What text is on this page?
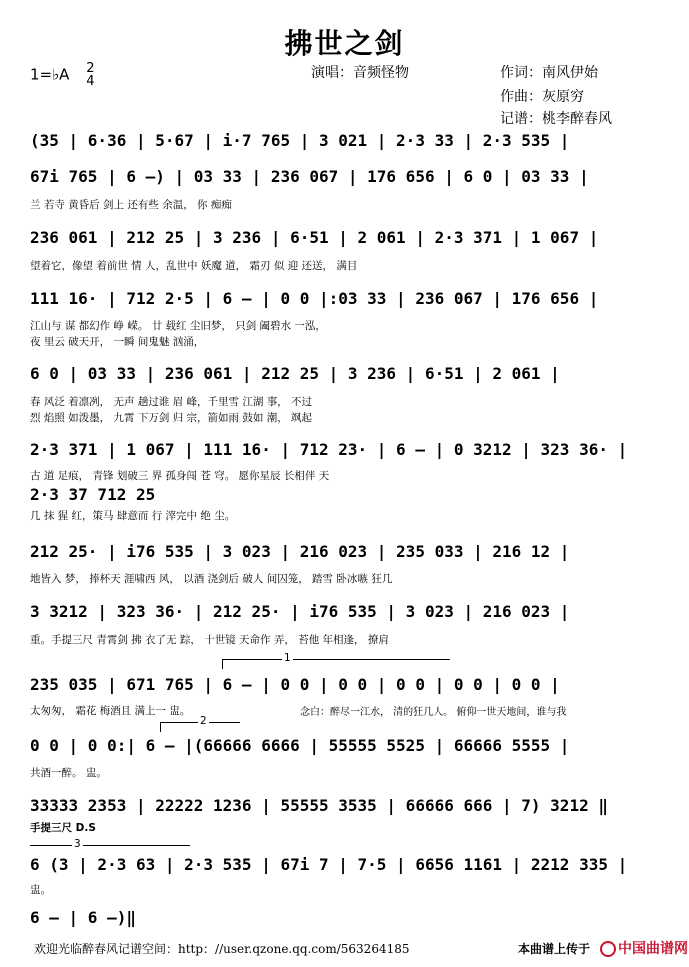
拂世之剑
1=♭A 2
4
演唱：音频怪物	作词：南风伊始
作曲：灰原穷
记谱：桃李醉春风
(35 | 6·36 | 5·67 | i·7 765 | 3 021 | 2·3 33 | 2·3 535 |
67i 765 | 6 –) | 03 33 | 236 067 | 176 656 | 6 0 | 03 33 |
兰 若寺 黄昏后 剑上 还有些 余温， 你 痴痴
236 061 | 212 25 | 3 236 | 6·51 | 2 061 | 2·3 371 | 1 067 |
望着它，像望 着前世 情 人，乱世中 妖魔 道， 霜刃 似 迎 还送， 满目
111 16· | 712 2·5 | 6 – | 0 0 |:03 33 | 236 067 | 176 656 |
江山与 谋 都幻作 峥 嵘。 廿 载红 尘旧梦， 只剑 阖碧水 一泓，
夜 里云 破天开， 一瞬 间鬼魅 汹涌，
6 0 | 03 33 | 236 061 | 212 25 | 3 236 | 6·51 | 2 061 |
春 风泛 着凛冽， 无声 趟过谁 眉 峰，千里雪 江湖 事， 不过
烈 焰照 如泼墨， 九霄 下万剑 归 宗，箭如雨 鼓如 潮， 飒起
2·3 371 | 1 067 | 111 16· | 712 23· | 6 – | 0 3212 | 323 36· |
古 道 足痕， 青锋 划破三 界 孤身闯 苍 穹。 愿你星辰 长相伴 天
2·3 37 712 25
几 抹 猩 红，策马 肆意而 行 滓完中 绝 尘。
212 25· | i76 535 | 3 023 | 216 023 | 235 033 | 216 12 |
地皆入 梦， 捧杯天 涯啸西 风， 以酒 浇剑后 破人 间囚笼， 踏雪 卧冰嗾 狂几
3 3212 | 323 36· | 212 25· | i76 535 | 3 023 | 216 023 |
重。手提三尺 青霄剑 拂 衣了无 踪， 十世镜 天命作 弄， 苔他 年相逢， 撩肩
1
235 035 | 671 765 | 6 – | 0 0 | 0 0 | 0 0 | 0 0 | 0 0 |
太匆匆， 霜花 梅酒且 满上一 盅。	念白：醉尽一江水， 清的狂几人。 俯仰一世天地间，谁与我
2
0 0 | 0 0:| 6 – |(66666 6666 | 55555 5525 | 66666 5555 |
共酒一醉。 盅。
33333 2353 | 22222 1236 | 55555 3535 | 66666 666 | 7) 3212 ‖
手提三尺 D.S
3
6 (3 | 2·3 63 | 2·3 535 | 67i 7 | 7·5 | 6656 1161 | 2212 335 |
盅。
6 – | 6 –)‖
欢迎光临醉春风记谱空间：http：//user.qzone.qq.com/563264185	本曲谱上传于	中国曲谱网
